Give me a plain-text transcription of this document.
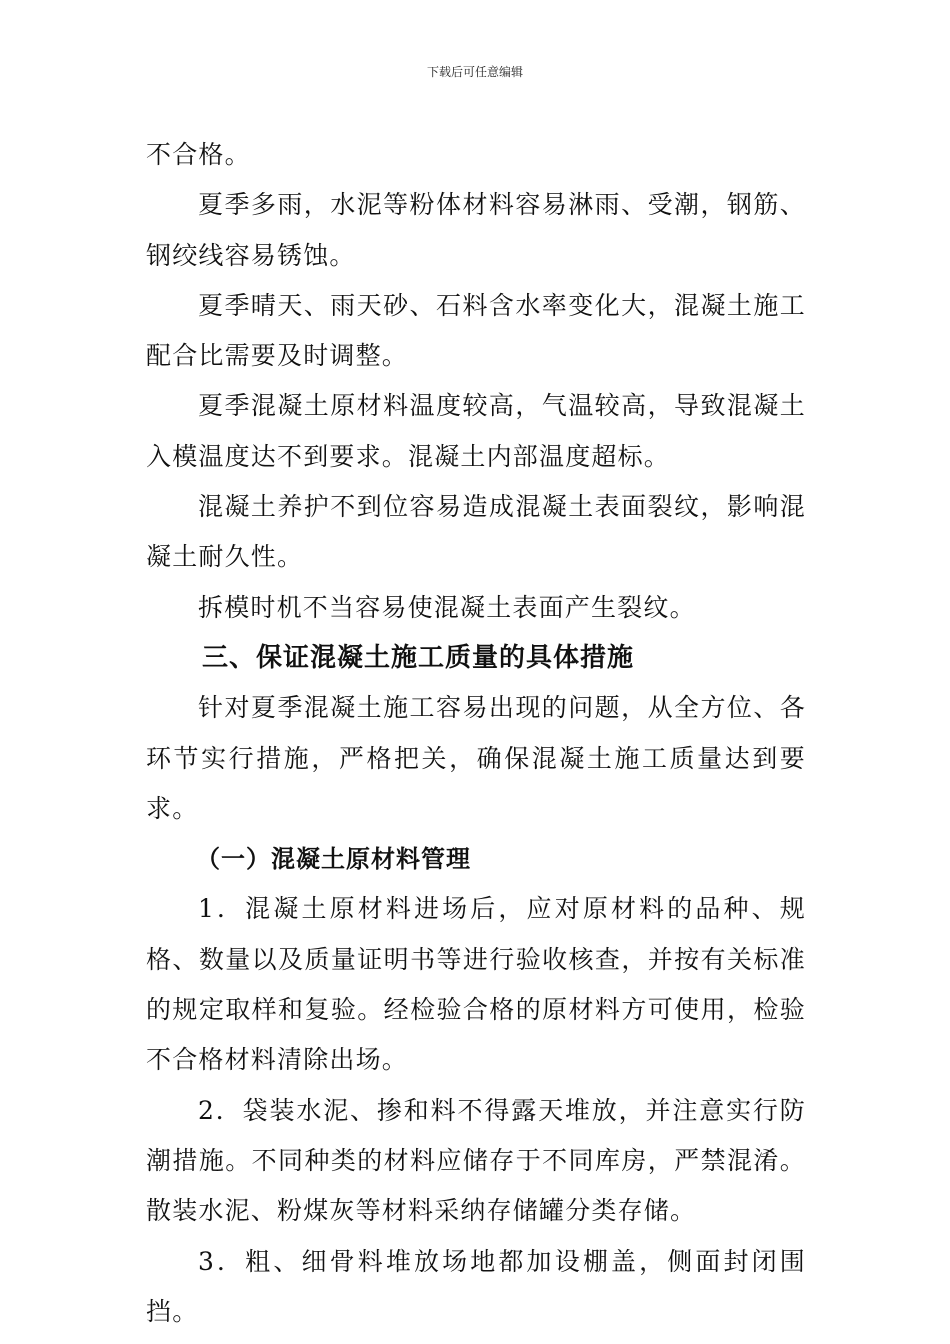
下载后可任意编辑

不合格。

夏季多雨，水泥等粉体材料容易淋雨、受潮，钢筋、钢绞线容易锈蚀。

夏季晴天、雨天砂、石料含水率变化大，混凝土施工配合比需要及时调整。

夏季混凝土原材料温度较高，气温较高，导致混凝土入模温度达不到要求。混凝土内部温度超标。

混凝土养护不到位容易造成混凝土表面裂纹，影响混凝土耐久性。

拆模时机不当容易使混凝土表面产生裂纹。

三、保证混凝土施工质量的具体措施

针对夏季混凝土施工容易出现的问题，从全方位、各环节实行措施，严格把关，确保混凝土施工质量达到要求。

（一）混凝土原材料管理

1．混凝土原材料进场后，应对原材料的品种、规格、数量以及质量证明书等进行验收核查，并按有关标准的规定取样和复验。经检验合格的原材料方可使用，检验不合格材料清除出场。

2．袋装水泥、掺和料不得露天堆放，并注意实行防潮措施。不同种类的材料应储存于不同库房，严禁混淆。散装水泥、粉煤灰等材料采纳存储罐分类存储。

3．粗、细骨料堆放场地都加设棚盖，侧面封闭围挡。
